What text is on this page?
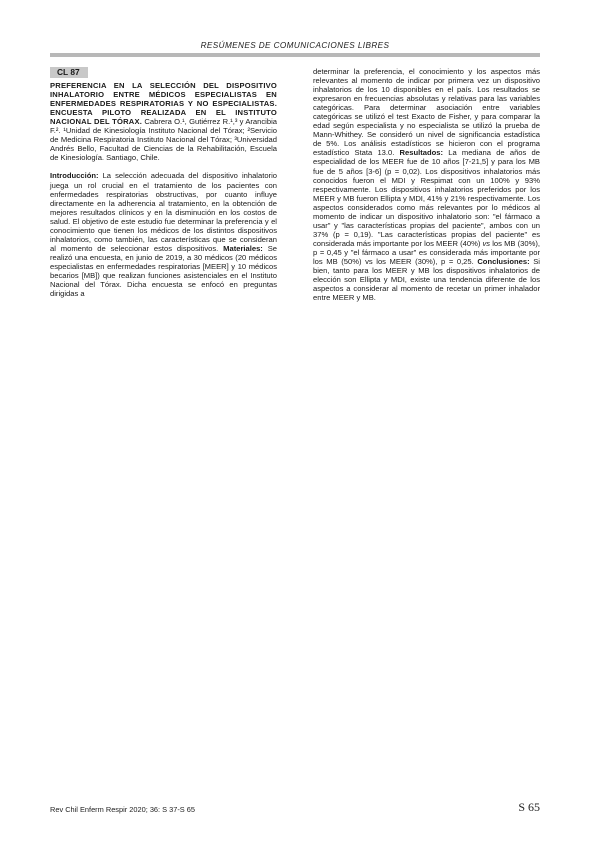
RESÚMENES DE COMUNICACIONES LIBRES
CL 87

PREFERENCIA EN LA SELECCIÓN DEL DISPOSITIVO INHALATORIO ENTRE MÉDICOS ESPECIALISTAS EN ENFERMEDADES RESPIRATORIAS Y NO ESPECIALISTAS. ENCUESTA PILOTO REALIZADA EN EL INSTITUTO NACIONAL DEL TÓRAX. Cabrera O.¹, Gutiérrez R.¹,³ y Arancibia F.². ¹Unidad de Kinesiología Instituto Nacional del Tórax; ²Servicio de Medicina Respiratoria Instituto Nacional del Tórax; ³Universidad Andrés Bello, Facultad de Ciencias de la Rehabilitación, Escuela de Kinesiología. Santiago, Chile.

Introducción: La selección adecuada del dispositivo inhalatorio juega un rol crucial en el tratamiento de los pacientes con enfermedades respiratorias obstructivas, por cuanto influye directamente en la adherencia al tratamiento, en la obtención de mejores resultados clínicos y en la disminución en los costos de salud. El objetivo de este estudio fue determinar la preferencia y el conocimiento que tienen los médicos de los distintos dispositivos inhalatorios, como también, las características que se consideran al momento de seleccionar estos dispositivos. Materiales: Se realizó una encuesta, en junio de 2019, a 30 médicos (20 médicos especialistas en enfermedades respiratorias [MEER] y 10 médicos becarios [MB]) que realizan funciones asistenciales en el Instituto Nacional del Tórax. Dicha encuesta se enfocó en preguntas dirigidas a

determinar la preferencia, el conocimiento y los aspectos más relevantes al momento de indicar por primera vez un dispositivo inhalatorios de los 10 disponibles en el país. Los resultados se expresaron en frecuencias absolutas y relativas para las variables categóricas. Para determinar asociación entre variables categóricas se utilizó el test Exacto de Fisher, y para comparar la edad según especialista y no especialista se utilizó la prueba de Mann-Whithey. Se consideró un nivel de significancia estadística de 5%. Los análisis estadísticos se hicieron con el programa estadístico Stata 13.0. Resultados: La mediana de años de especialidad de los MEER fue de 10 años [7-21,5] y para los MB fue de 5 años [3-6] (p = 0,02). Los dispositivos inhalatorios más conocidos fueron el MDI y Respimat con un 100% y 93% respectivamente. Los dispositivos inhalatorios preferidos por los MEER y MB fueron Ellipta y MDI, 41% y 21% respectivamente. Los aspectos considerados como más relevantes por lo médicos al momento de indicar un dispositivo inhalatorio son: "el fármaco a usar" y "las características propias del paciente", ambos con un 37% (p = 0,19). "Las características propias del paciente" es considerada más importante por los MEER (40%) vs los MB (30%), p = 0,45 y "el fármaco a usar" es considerada más importante por los MB (50%) vs los MEER (30%), p = 0,25. Conclusiones: Si bien, tanto para los MEER y MB los dispositivos inhalatorios de elección son Ellipta y MDI, existe una tendencia diferente de los aspectos a considerar al momento de recetar un primer inhalador entre MEER y MB.

Rev Chil Enferm Respir 2020; 36: S 37-S 65	S 65
